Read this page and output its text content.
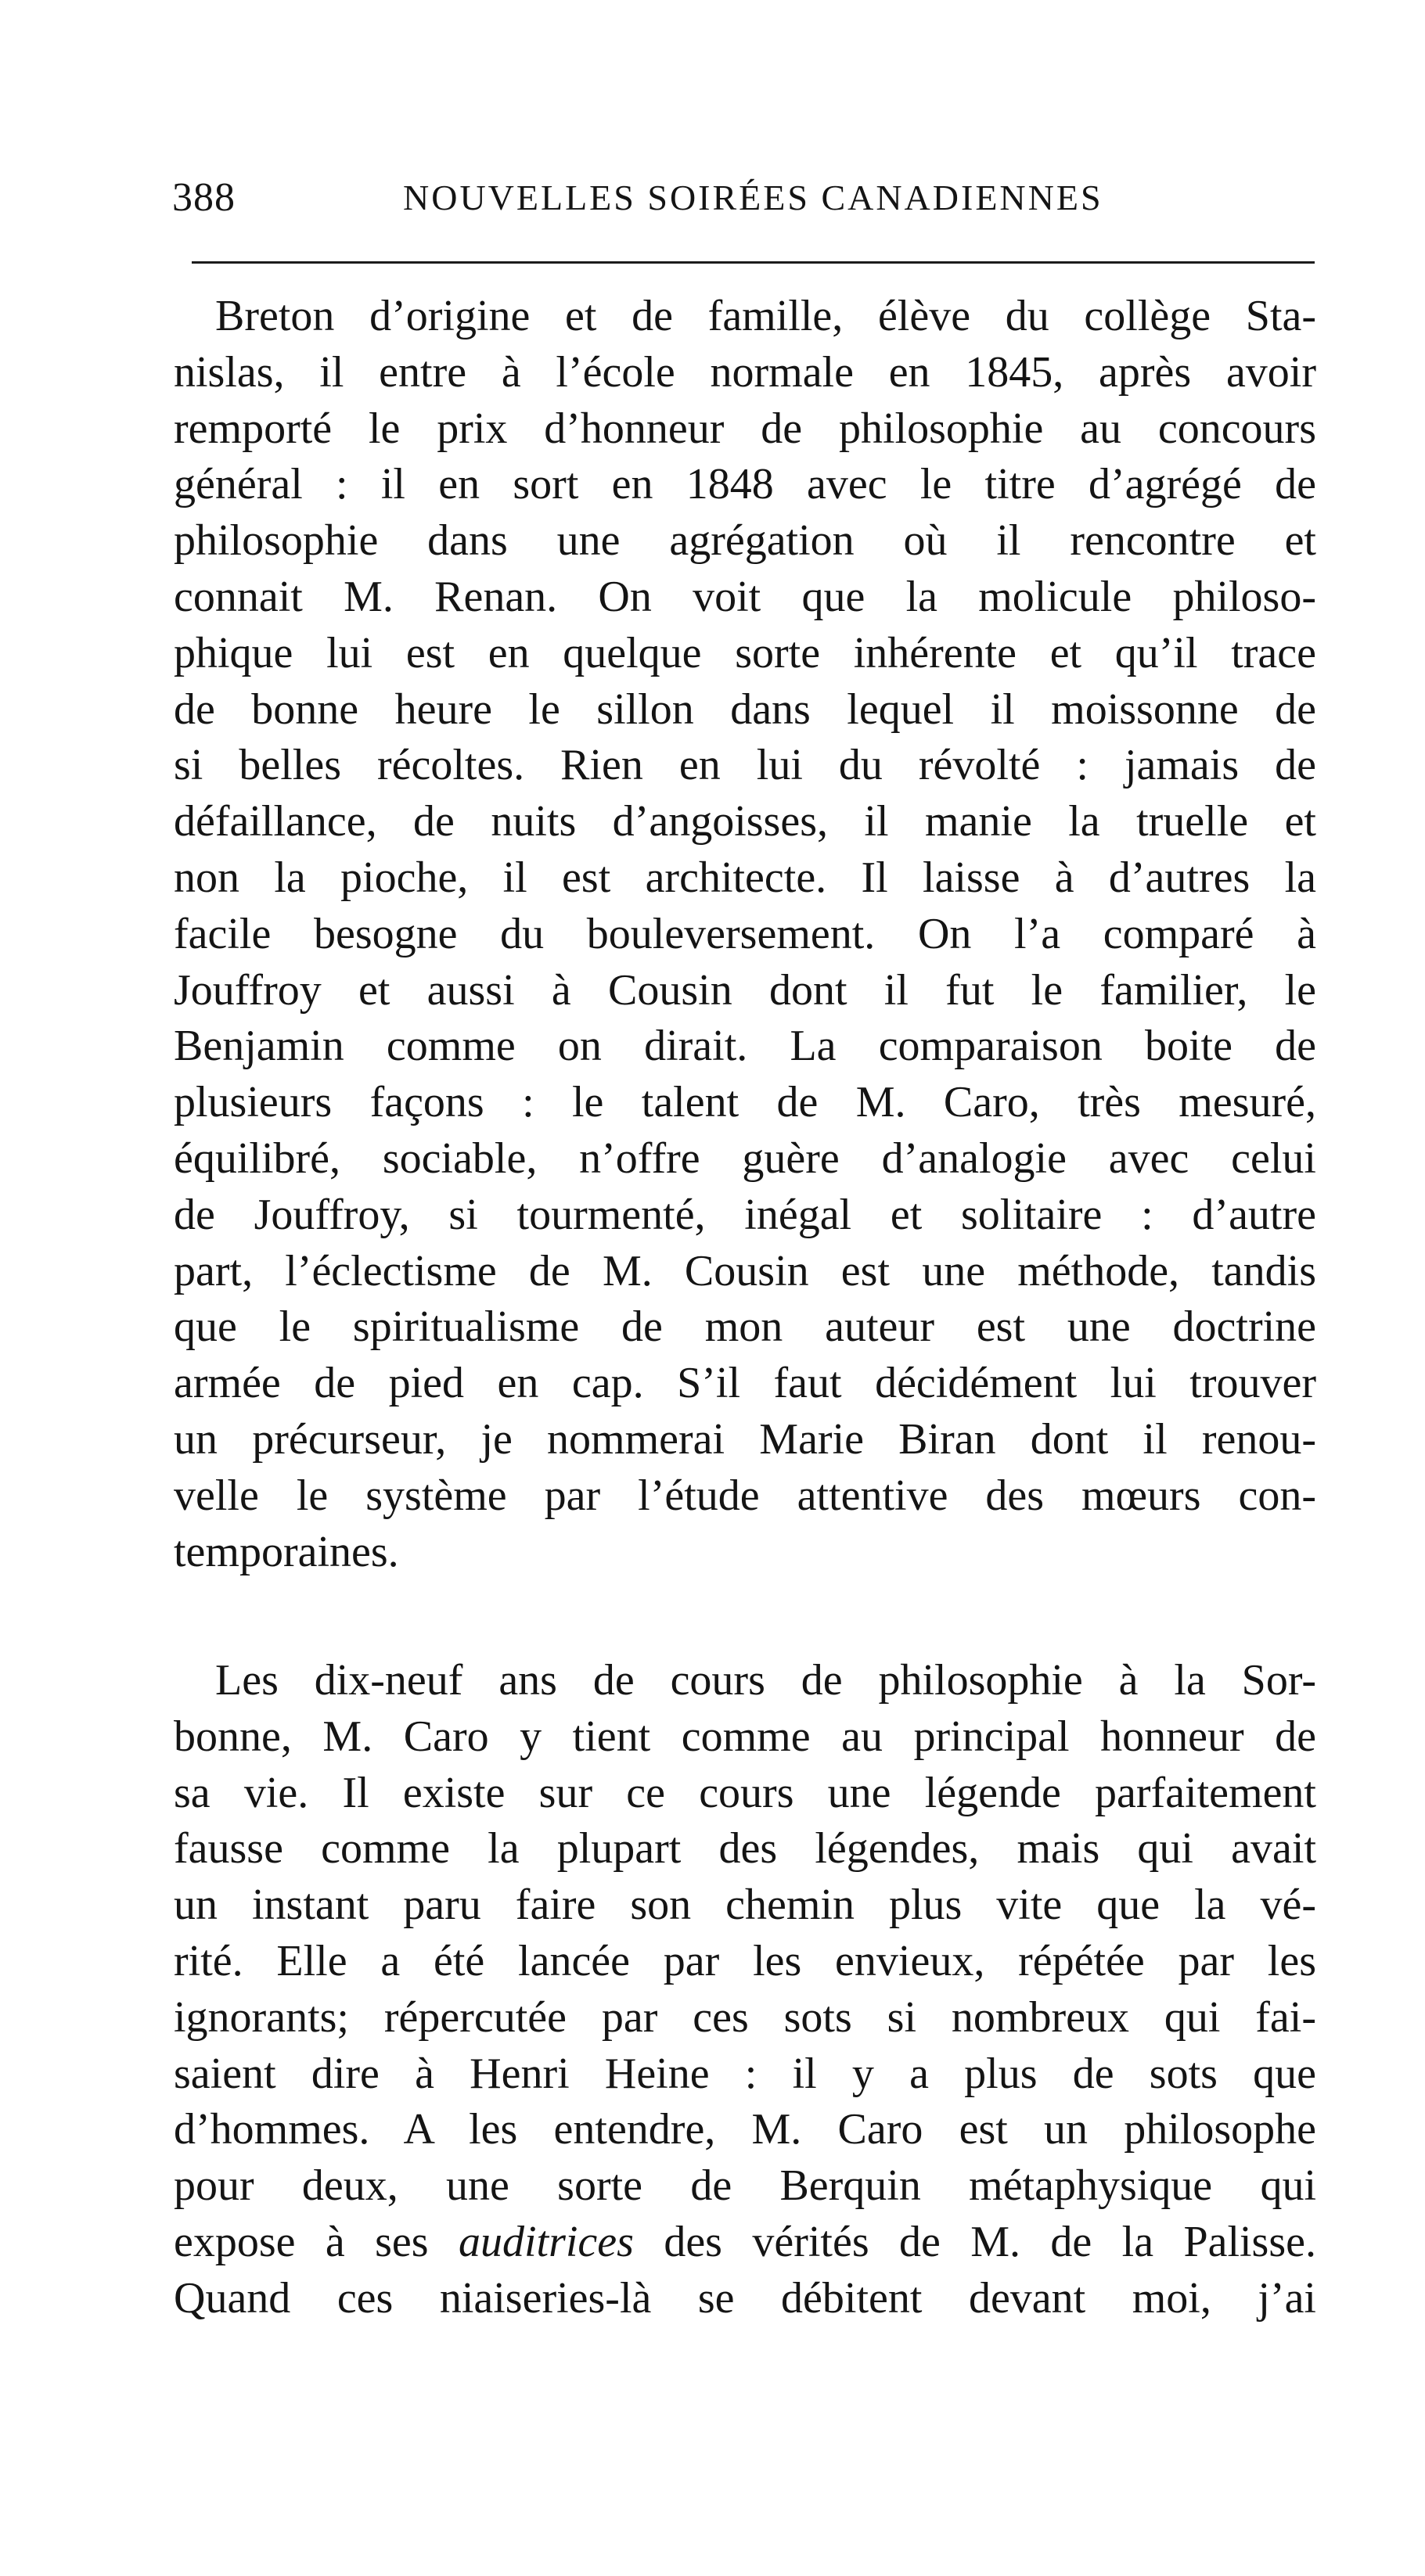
388	NOUVELLES SOIRÉES CANADIENNES
Breton d’origine et de famille, élève du collège Sta-
nislas, il entre à l’école normale en 1845, après avoir
remporté le prix d’honneur de philosophie au concours
général : il en sort en 1848 avec le titre d’agrégé de
philosophie dans une agrégation où il rencontre et
connait M. Renan. On voit que la molicule philoso-
phique lui est en quelque sorte inhérente et qu’il trace
de bonne heure le sillon dans lequel il moissonne de
si belles récoltes. Rien en lui du révolté : jamais de
défaillance, de nuits d’angoisses, il manie la truelle et
non la pioche, il est architecte. Il laisse à d’autres la
facile besogne du bouleversement. On l’a comparé à
Jouffroy et aussi à Cousin dont il fut le familier, le
Benjamin comme on dirait. La comparaison boite de
plusieurs façons : le talent de M. Caro, très mesuré,
équilibré, sociable, n’offre guère d’analogie avec celui
de Jouffroy, si tourmenté, inégal et solitaire : d’autre
part, l’éclectisme de M. Cousin est une méthode, tandis
que le spiritualisme de mon auteur est une doctrine
armée de pied en cap. S’il faut décidément lui trouver
un précurseur, je nommerai Marie Biran dont il renou-
velle le système par l’étude attentive des mœurs con-
temporaines.
Les dix-neuf ans de cours de philosophie à la Sor-
bonne, M. Caro y tient comme au principal honneur de
sa vie. Il existe sur ce cours une légende parfaitement
fausse comme la plupart des légendes, mais qui avait
un instant paru faire son chemin plus vite que la vé-
rité. Elle a été lancée par les envieux, répétée par les
ignorants; répercutée par ces sots si nombreux qui fai-
saient dire à Henri Heine : il y a plus de sots que
d’hommes. A les entendre, M. Caro est un philosophe
pour deux, une sorte de Berquin métaphysique qui
expose à ses auditrices des vérités de M. de la Palisse.
Quand ces niaiseries-là se débitent devant moi, j’ai
